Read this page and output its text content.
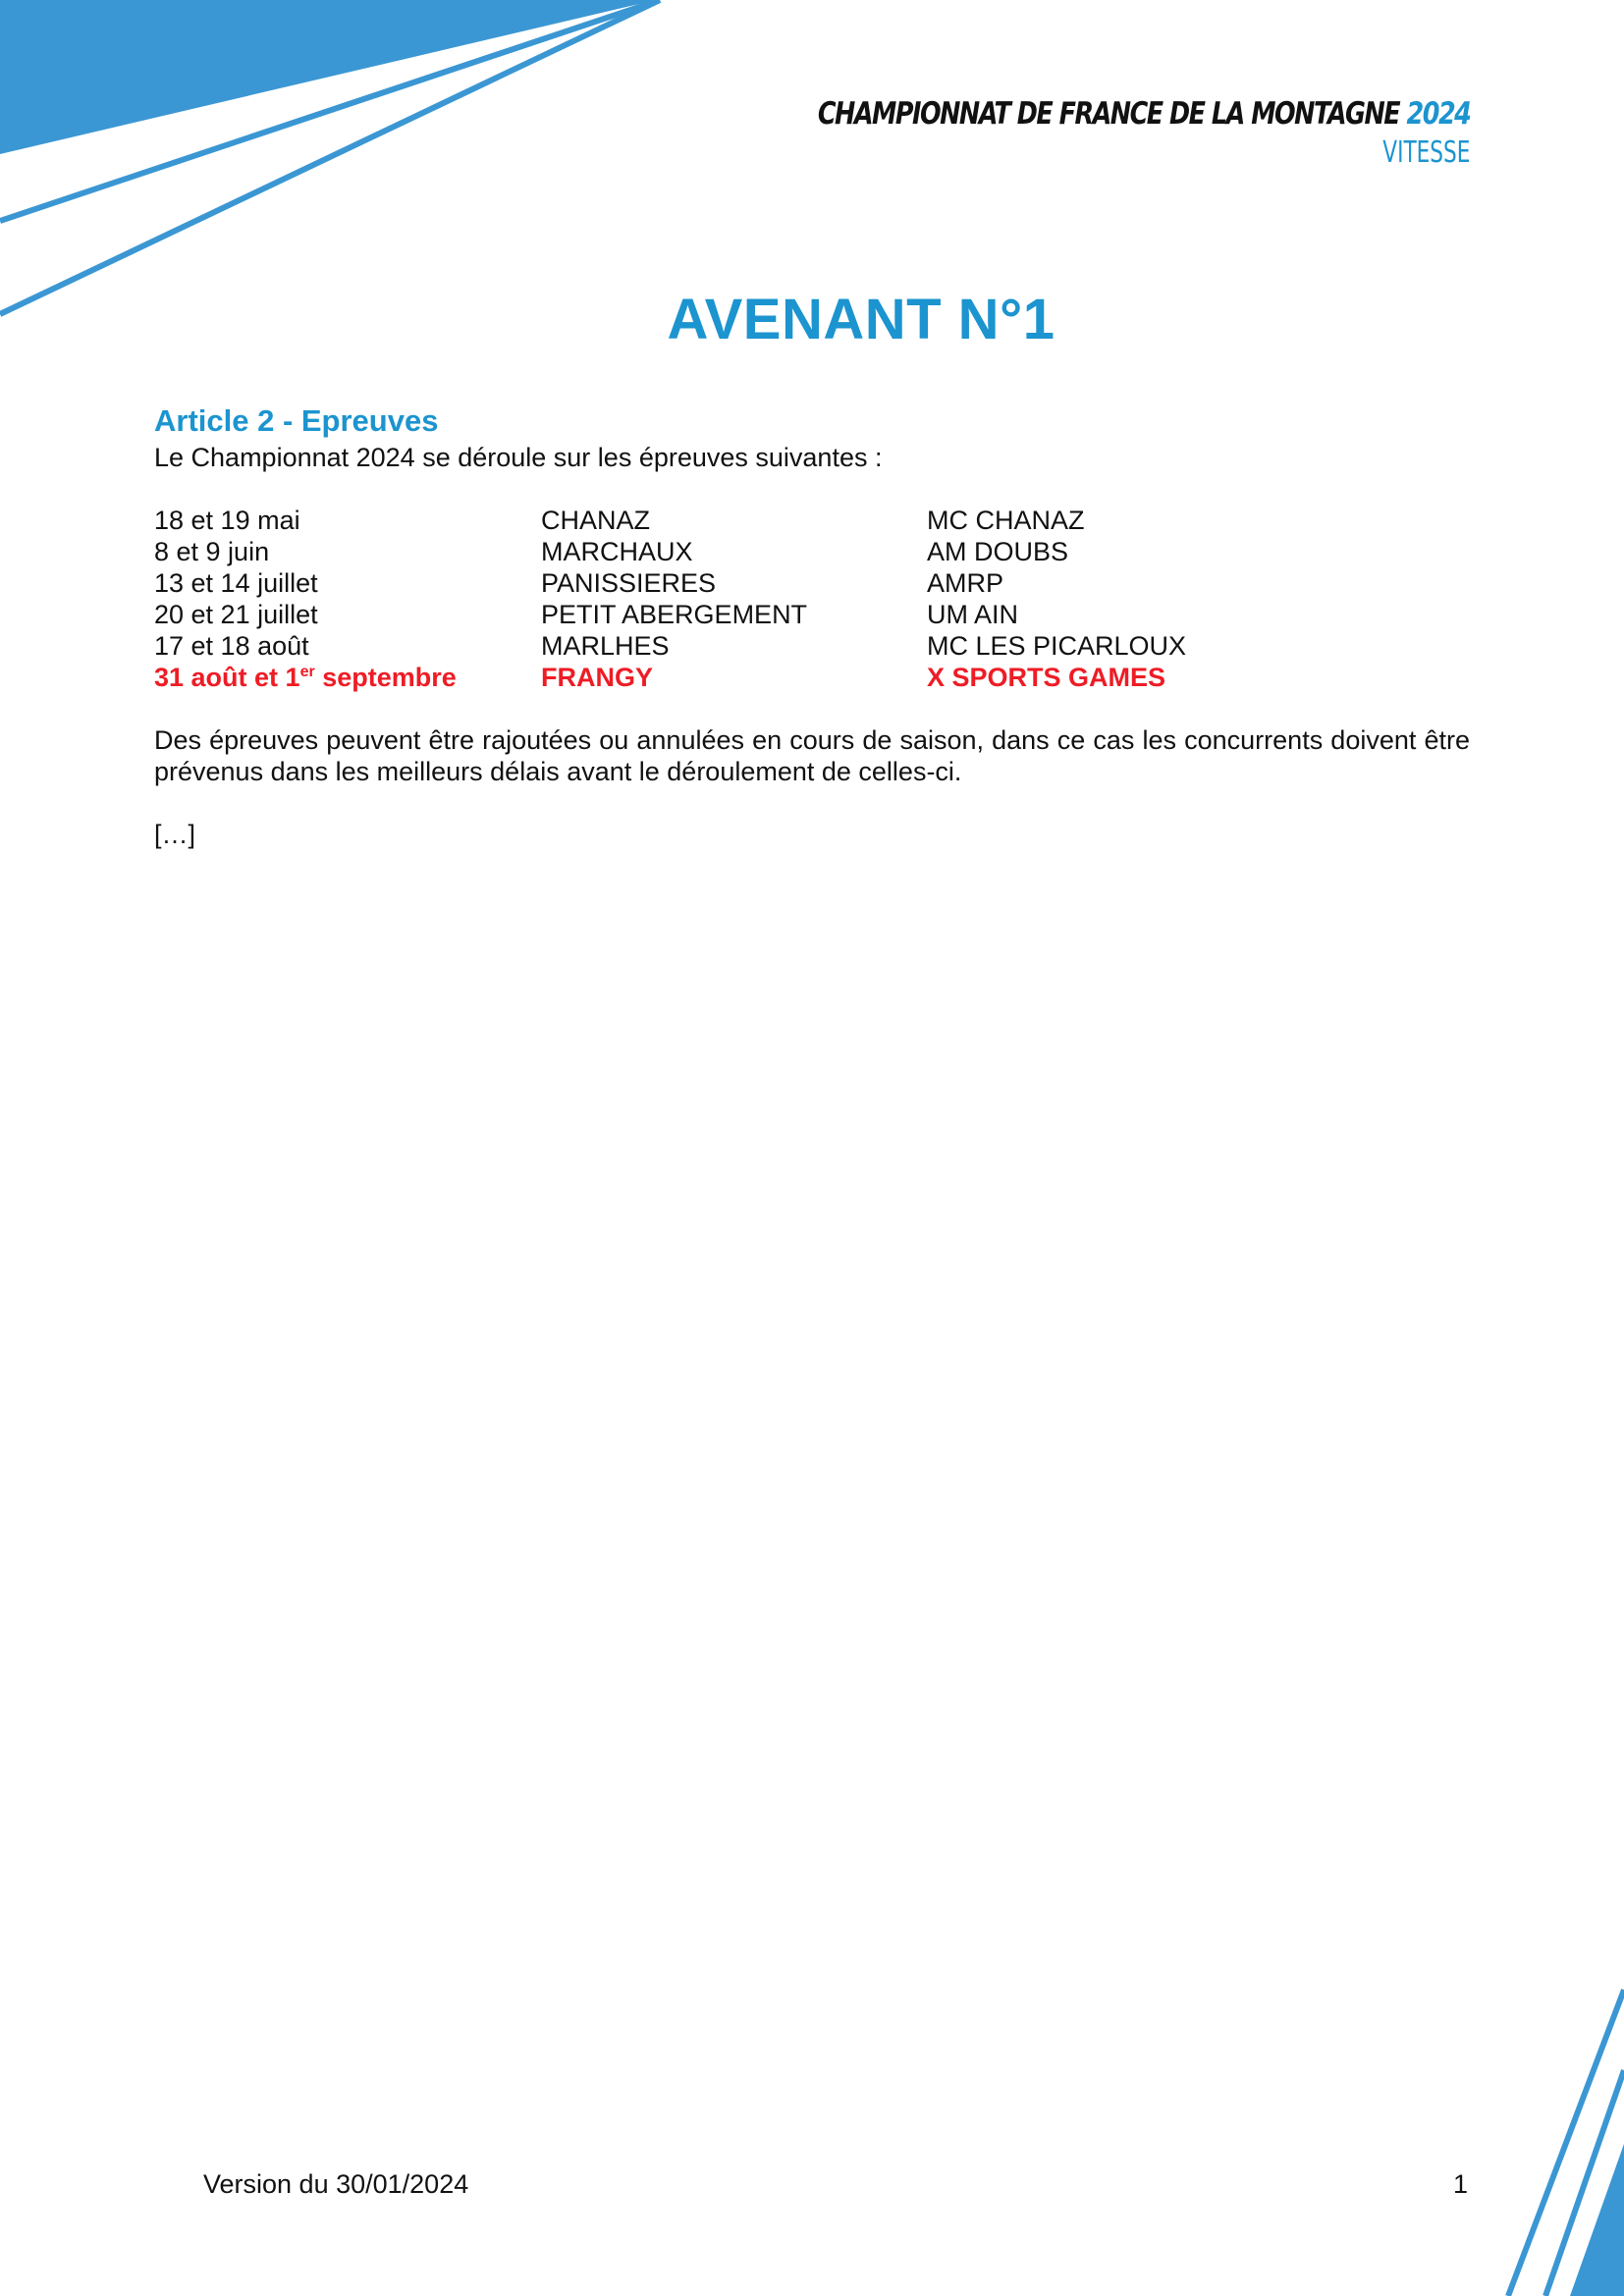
CHAMPIONNAT DE FRANCE DE LA MONTAGNE 2024
VITESSE
AVENANT N°1
Article 2 - Epreuves
Le Championnat 2024 se déroule sur les épreuves suivantes :
18 et 19 mai	CHANAZ	MC CHANAZ
8 et 9 juin	MARCHAUX	AM DOUBS
13 et 14 juillet	PANISSIERES	AMRP
20 et 21 juillet	PETIT ABERGEMENT	UM AIN
17 et 18 août	MARLHES	MC LES PICARLOUX
31 août et 1er septembre	FRANGY	X SPORTS GAMES
Des épreuves peuvent être rajoutées ou annulées en cours de saison, dans ce cas les concurrents doivent être prévenus dans les meilleurs délais avant le déroulement de celles-ci.
[…]
Version du 30/01/2024	1
